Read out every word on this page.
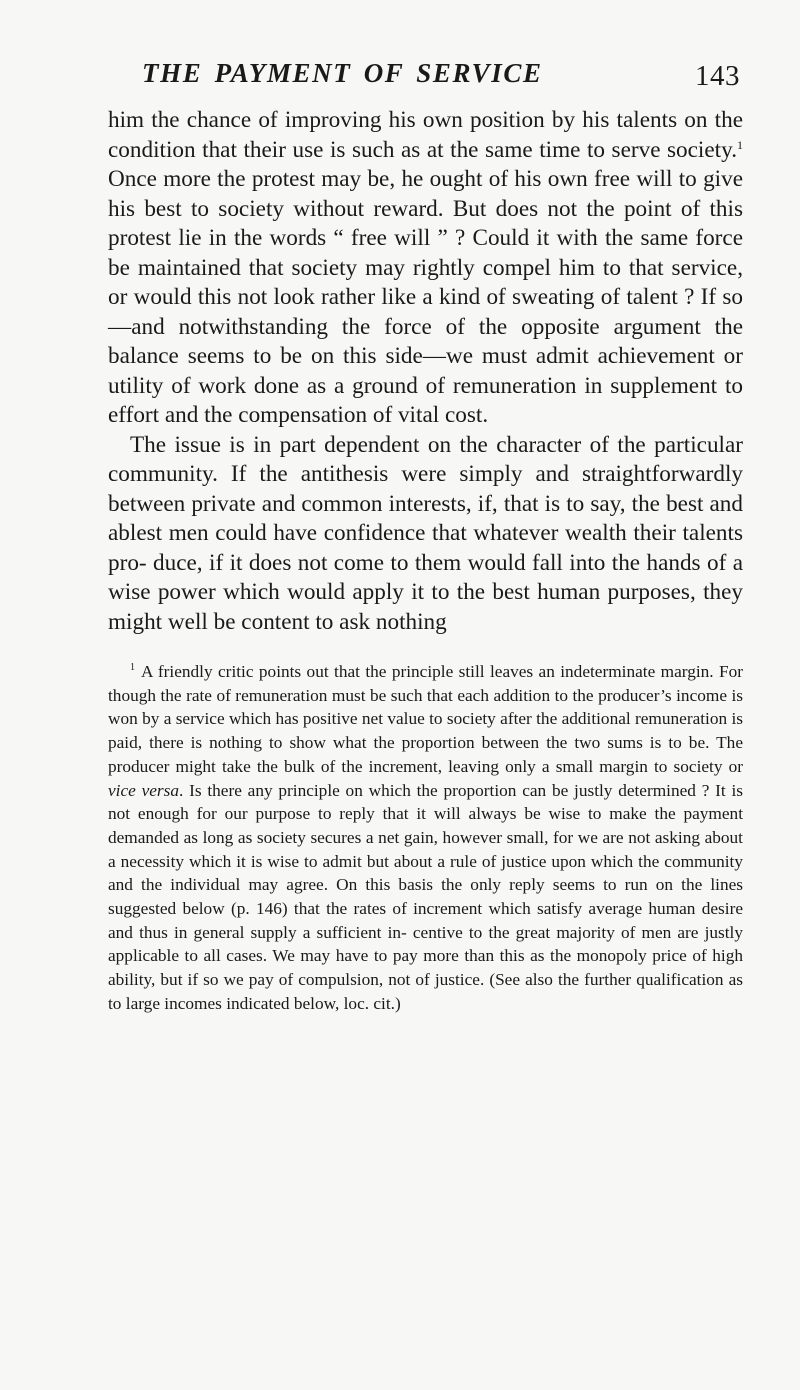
THE PAYMENT OF SERVICE	143

him the chance of improving his own position by his talents on the condition that their use is such as at the same time to serve society.$^1$ Once more the protest may be, he ought of his own free will to give his best to society without reward. But does not the point of this protest lie in the words “ free will ” ? Could it with the same force be maintained that society may rightly compel him to that service, or would this not look rather like a kind of sweating of talent ? If so—and notwithstanding the force of the opposite argument the balance seems to be on this side—we must admit achievement or utility of work done as a ground of remuneration in supplement to effort and the compensation of vital cost.

The issue is in part dependent on the character of the particular community. If the antithesis were simply and straightforwardly between private and common interests, if, that is to say, the best and ablest men could have confidence that whatever wealth their talents pro- duce, if it does not come to them would fall into the hands of a wise power which would apply it to the best human purposes, they might well be content to ask nothing

$^1$ A friendly critic points out that the principle still leaves an indeterminate margin. For though the rate of remuneration must be such that each addition to the producer’s income is won by a service which has positive net value to society after the additional remuneration is paid, there is nothing to show what the proportion between the two sums is to be. The producer might take the bulk of the increment, leaving only a small margin to society or vice versa. Is there any principle on which the proportion can be justly determined ? It is not enough for our purpose to reply that it will always be wise to make the payment demanded as long as society secures a net gain, however small, for we are not asking about a necessity which it is wise to admit but about a rule of justice upon which the community and the individual may agree. On this basis the only reply seems to run on the lines suggested below (p. 146) that the rates of increment which satisfy average human desire and thus in general supply a sufficient in- centive to the great majority of men are justly applicable to all cases. We may have to pay more than this as the monopoly price of high ability, but if so we pay of compulsion, not of justice. (See also the further qualification as to large incomes indicated below, loc. cit.)
